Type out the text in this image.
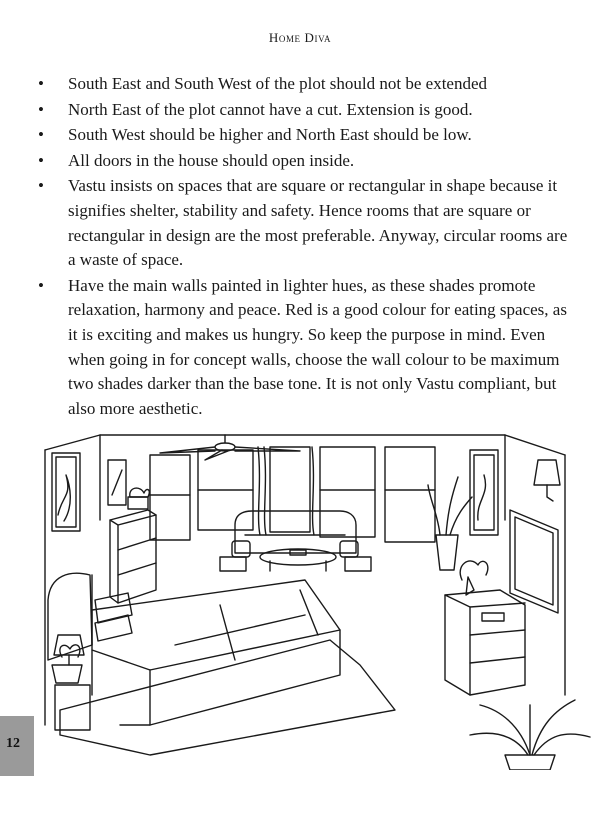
Home Diva
• South East and South West of the plot should not be extended
• North East of the plot cannot have a cut. Extension is good.
• South West should be higher and North East should be low.
• All doors in the house should open inside.
• Vastu insists on spaces that are square or rectangular in shape because it signifies shelter, stability and safety. Hence rooms that are square or rectangular in design are the most preferable. Anyway, circular rooms are a waste of space.
• Have the main walls painted in lighter hues, as these shades promote relaxation, harmony and peace. Red is a good colour for eating spaces, as it is exciting and makes us hungry. So keep the purpose in mind. Even when going in for concept walls, choose the wall colour to be maximum two shades darker than the base tone. It is not only Vastu compliant, but also more aesthetic.
12
